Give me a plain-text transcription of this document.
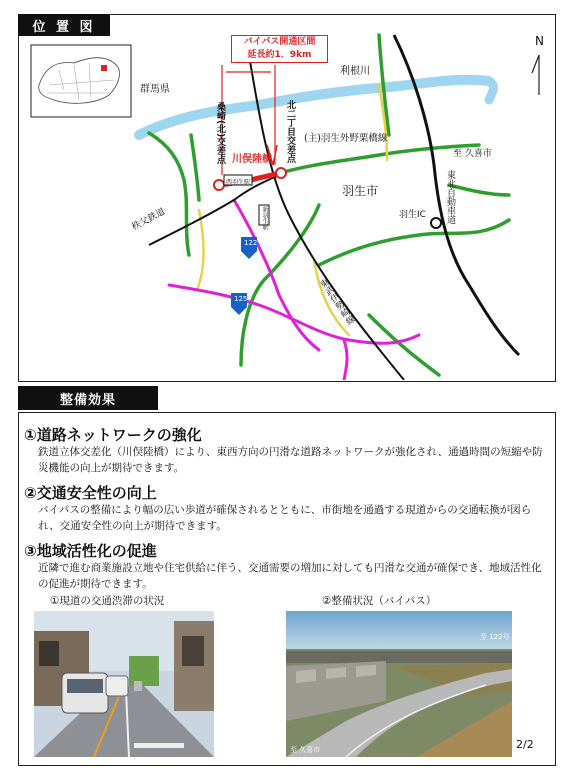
位 置 図
N
バイパス開通区間
延長約1．9km
群馬県
利根川
桑崎(北)交差点	北二丁目交差点
川俣陸橋
(主)羽生外野栗橋線
至 久喜市
羽生市
羽生IC 東北自動車道
秩父鉄道
東武伊勢崎線
西羽生駅
新羽生駅
122
125
整備効果
①道路ネットワークの強化
鉄道立体交差化（川俣陸橋）により、東西方向の円滑な道路ネットワークが強化され、通過時間の短縮や防災機能の向上が期待できます。
②交通安全性の向上
バイパスの整備により幅の広い歩道が確保されるとともに、市街地を通過する現道からの交通転換が図られ、交通安全性の向上が期待できます。
③地域活性化の促進
近隣で進む商業施設立地や住宅供給に伴う、交通需要の増加に対しても円滑な交通が確保でき、地域活性化の促進が期待できます。
①現道の交通渋滞の状況	②整備状況（バイパス）
至 久喜市
至 122号
2/2
